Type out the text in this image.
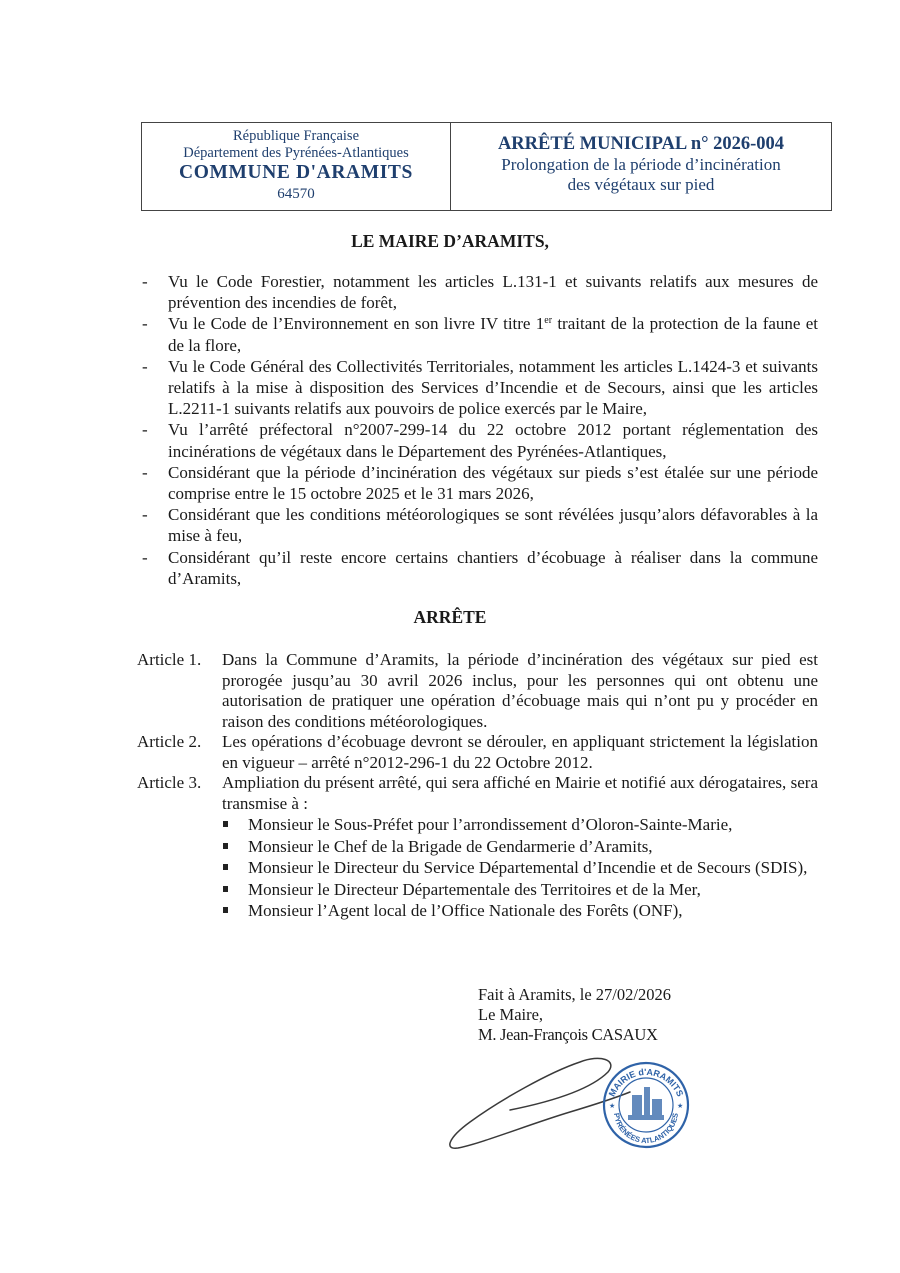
République Française
Département des Pyrénées-Atlantiques
COMMUNE D'ARAMITS
64570
ARRÊTÉ MUNICIPAL n° 2026-004
Prolongation de la période d’incinération
des végétaux sur pied
LE MAIRE D’ARAMITS,
- Vu le Code Forestier, notamment les articles L.131-1 et suivants relatifs aux mesures de prévention des incendies de forêt,
- Vu le Code de l’Environnement en son livre IV titre 1er traitant de la protection de la faune et de la flore,
- Vu le Code Général des Collectivités Territoriales, notamment les articles L.1424-3 et suivants relatifs à la mise à disposition des Services d’Incendie et de Secours, ainsi que les articles L.2211-1 suivants relatifs aux pouvoirs de police exercés par le Maire,
- Vu l’arrêté préfectoral n°2007-299-14 du 22 octobre 2012 portant réglementation des incinérations de végétaux dans le Département des Pyrénées-Atlantiques,
- Considérant que la période d’incinération des végétaux sur pieds s’est étalée sur une période comprise entre le 15 octobre 2025 et le 31 mars 2026,
- Considérant que les conditions météorologiques se sont révélées jusqu’alors défavorables à la mise à feu,
- Considérant qu’il reste encore certains chantiers d’écobuage à réaliser dans la commune d’Aramits,
ARRÊTE
Article 1.	Dans la Commune d’Aramits, la période d’incinération des végétaux sur pied est prorogée jusqu’au 30 avril 2026 inclus, pour les personnes qui ont obtenu une autorisation de pratiquer une opération d’écobuage mais qui n’ont pu y procéder en raison des conditions météorologiques.
Article 2.	Les opérations d’écobuage devront se dérouler, en appliquant strictement la législation en vigueur – arrêté n°2012-296-1 du 22 Octobre 2012.
Article 3.	Ampliation du présent arrêté, qui sera affiché en Mairie et notifié aux dérogataires, sera transmise à :
Monsieur le Sous-Préfet pour l’arrondissement d’Oloron-Sainte-Marie,
Monsieur le Chef de la Brigade de Gendarmerie d’Aramits,
Monsieur le Directeur du Service Départemental d’Incendie et de Secours (SDIS),
Monsieur le Directeur Départementale des Territoires et de la Mer,
Monsieur l’Agent local de l’Office Nationale des Forêts (ONF),
Fait à Aramits, le 27/02/2026
Le Maire,
M. Jean-François CASAUX
MAIRIE d'ARAMITS
PYRÉNÉES ATLANTIQUES
★	★
